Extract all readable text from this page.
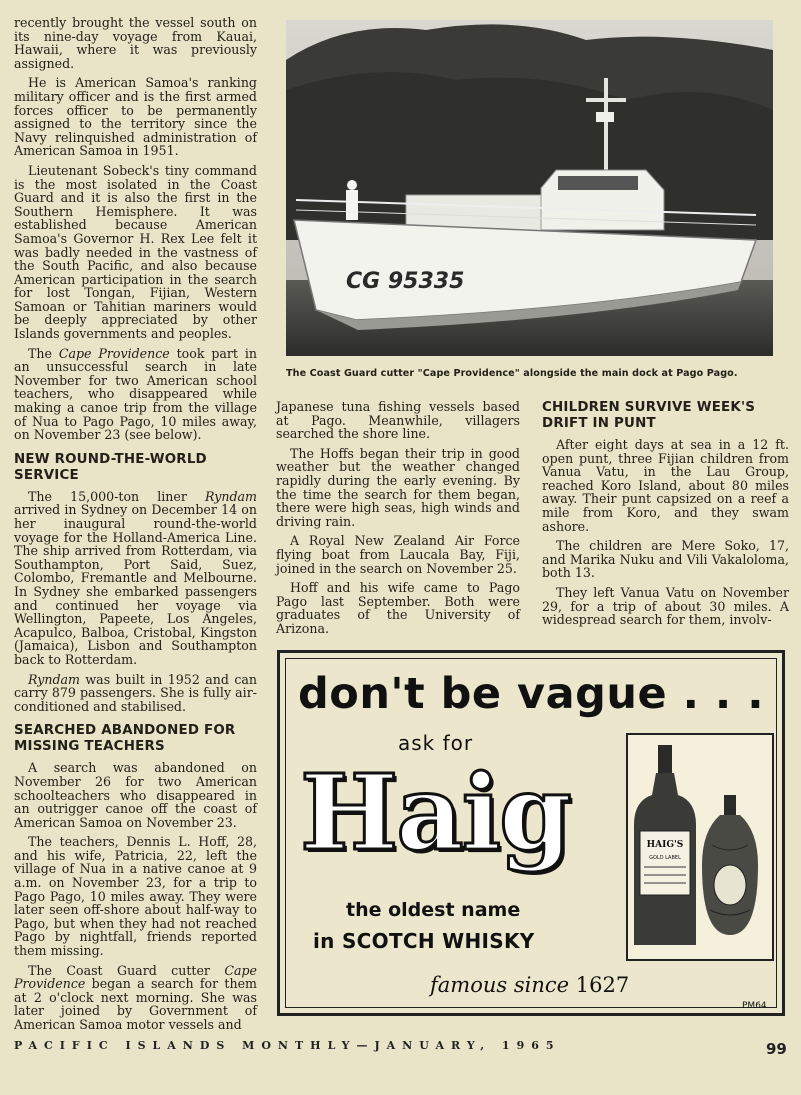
recently brought the vessel south on its nine-day voyage from Kauai, Hawaii, where it was previously assigned.

He is American Samoa's ranking military officer and is the first armed forces officer to be permanently assigned to the territory since the Navy relinquished administration of American Samoa in 1951.

Lieutenant Sobeck's tiny command is the most isolated in the Coast Guard and it is also the first in the Southern Hemisphere. It was established because American Samoa's Governor H. Rex Lee felt it was badly needed in the vastness of the South Pacific, and also because American participation in the search for lost Tongan, Fijian, Western Samoan or Tahitian mariners would be deeply appreciated by other Islands governments and peoples.

The Cape Providence took part in an unsuccessful search in late November for two American school teachers, who disappeared while making a canoe trip from the village of Nua to Pago Pago, 10 miles away, on November 23 (see below).

NEW ROUND-THE-WORLD SERVICE

The 15,000-ton liner Ryndam arrived in Sydney on December 14 on her inaugural round-the-world voyage for the Holland-America Line. The ship arrived from Rotterdam, via Southampton, Port Said, Suez, Colombo, Fremantle and Melbourne. In Sydney she embarked passengers and continued her voyage via Wellington, Papeete, Los Angeles, Acapulco, Balboa, Cristobal, Kingston (Jamaica), Lisbon and Southampton back to Rotterdam.

Ryndam was built in 1952 and can carry 879 passengers. She is fully air-conditioned and stabilised.

SEARCHED ABANDONED FOR MISSING TEACHERS

A search was abandoned on November 26 for two American schoolteachers who disappeared in an outrigger canoe off the coast of American Samoa on November 23.

The teachers, Dennis L. Hoff, 28, and his wife, Patricia, 22, left the village of Nua in a native canoe at 9 a.m. on November 23, for a trip to Pago Pago, 10 miles away. They were later seen off-shore about half-way to Pago, but when they had not reached Pago by nightfall, friends reported them missing.

The Coast Guard cutter Cape Providence began a search for them at 2 o'clock next morning. She was later joined by Government of American Samoa motor vessels and

CG 95335
The Coast Guard cutter "Cape Providence" alongside the main dock at Pago Pago.

Japanese tuna fishing vessels based at Pago. Meanwhile, villagers searched the shore line.

The Hoffs began their trip in good weather but the weather changed rapidly during the early evening. By the time the search for them began, there were high seas, high winds and driving rain.

A Royal New Zealand Air Force flying boat from Laucala Bay, Fiji, joined in the search on November 25.

Hoff and his wife came to Pago Pago last September. Both were graduates of the University of Arizona.

CHILDREN SURVIVE WEEK'S DRIFT IN PUNT

After eight days at sea in a 12 ft. open punt, three Fijian children from Vanua Vatu, in the Lau Group, reached Koro Island, about 80 miles away. Their punt capsized on a reef a mile from Koro, and they swam ashore.

The children are Mere Soko, 17, and Marika Nuku and Vili Vakaloloma, both 13.

They left Vanua Vatu on November 29, for a trip of about 30 miles. A widespread search for them, involv-

don't be vague . . .
ask for
Haig
the oldest name
in SCOTCH WHISKY
famous since 1627
PM64
HAIG'S
GOLD LABEL
PACIFIC ISLANDS MONTHLY—JANUARY, 1965	99
